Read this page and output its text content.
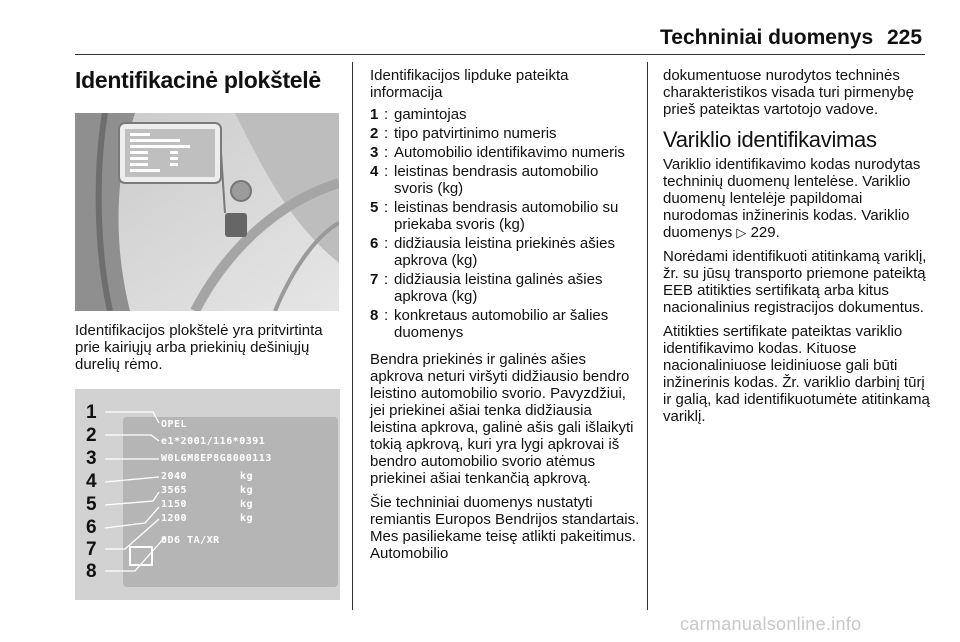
Techniniai duomenys 225
Identifikacinė plokštelė
Identifikacijos plokštelė yra pritvirtinta prie kairiųjų arba priekinių dešiniųjų durelių rėmo.
1
2
3
4
5
6
7
8
OPEL
e1*2001/116*0391
W0LGM8EP8G8000113
2040	kg
3565	kg
1150	kg
1200	kg
0D6 TA/XR
Identifikacijos lipduke pateikta informacija
1 : gamintojas
2 : tipo patvirtinimo numeris
3 : Automobilio identifikavimo numeris
4 : leistinas bendrasis automobilio svoris (kg)
5 : leistinas bendrasis automobilio su priekaba svoris (kg)
6 : didžiausia leistina priekinės ašies apkrova (kg)
7 : didžiausia leistina galinės ašies apkrova (kg)
8 : konkretaus automobilio ar šalies duomenys

Bendra priekinės ir galinės ašies apkrova neturi viršyti didžiausio bendro leistino automobilio svorio. Pavyzdžiui, jei priekinei ašiai tenka didžiausia leistina apkrova, galinė ašis gali išlaikyti tokią apkrovą, kuri yra lygi apkrovai iš bendro automobilio svorio atėmus priekinei ašiai tenkančią apkrovą.

Šie techniniai duomenys nustatyti remiantis Europos Bendrijos standartais. Mes pasiliekame teisę atlikti pakeitimus. Automobilio

dokumentuose nurodytos techninės charakteristikos visada turi pirmenybę prieš pateiktas vartotojo vadove.

Variklio identifikavimas

Variklio identifikavimo kodas nurodytas techninių duomenų lentelėse. Variklio duomenų lentelėje papildomai nurodomas inžinerinis kodas. Variklio duomenys ▷ 229.

Norėdami identifikuoti atitinkamą variklį, žr. su jūsų transporto priemone pateiktą EEB atitikties sertifikatą arba kitus nacionalinius registracijos dokumentus.

Atitikties sertifikate pateiktas variklio identifikavimo kodas. Kituose nacionaliniuose leidiniuose gali būti inžinerinis kodas. Žr. variklio darbinį tūrį ir galią, kad identifikuotumėte atitinkamą variklį.

carmanualsonline.info
